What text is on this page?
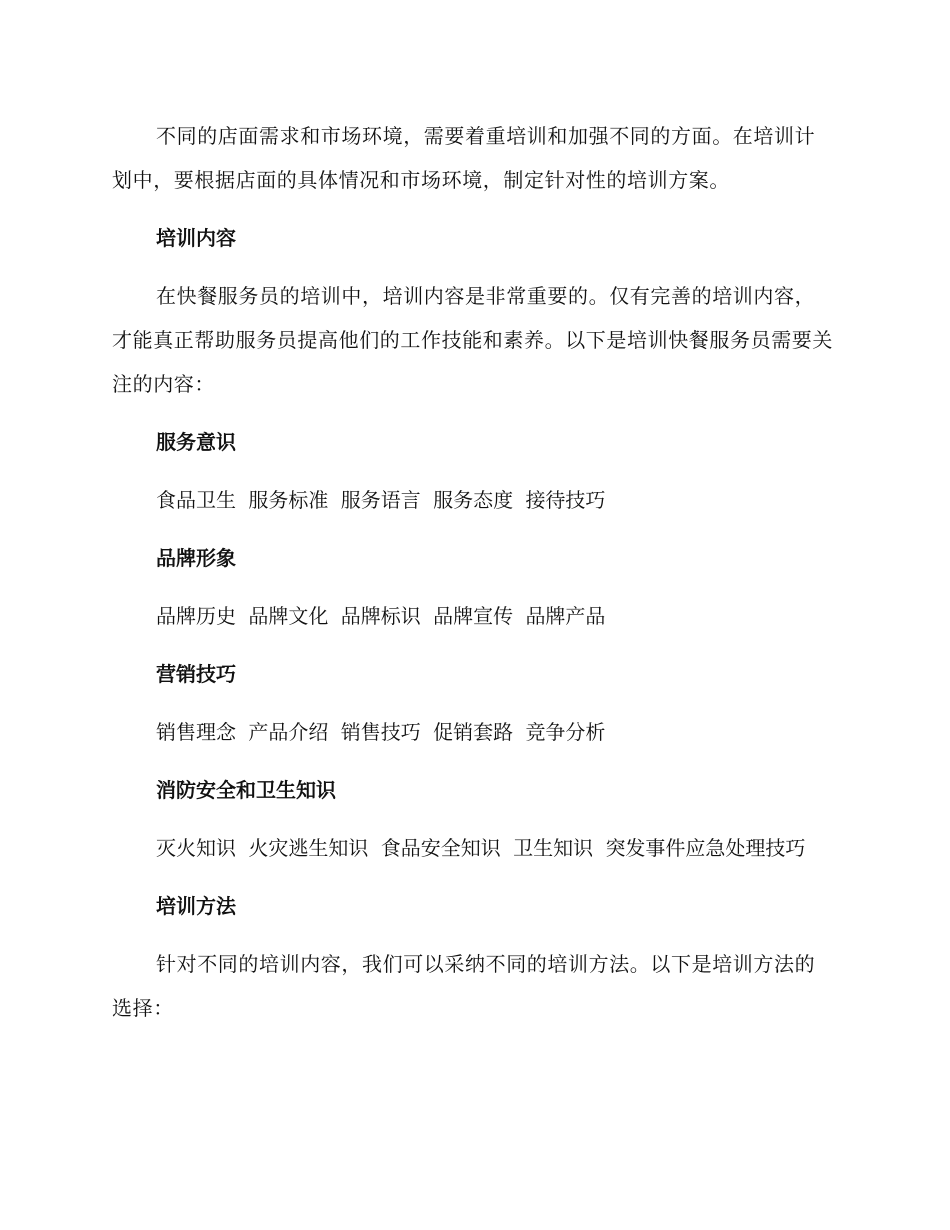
不同的店面需求和市场环境，需要着重培训和加强不同的方面。在培训计划中，要根据店面的具体情况和市场环境，制定针对性的培训方案。

培训内容

在快餐服务员的培训中，培训内容是非常重要的。仅有完善的培训内容，才能真正帮助服务员提高他们的工作技能和素养。以下是培训快餐服务员需要关注的内容：

服务意识

食品卫生 服务标准 服务语言 服务态度 接待技巧

品牌形象

品牌历史 品牌文化 品牌标识 品牌宣传 品牌产品

营销技巧

销售理念 产品介绍 销售技巧 促销套路 竞争分析

消防安全和卫生知识

灭火知识 火灾逃生知识 食品安全知识 卫生知识 突发事件应急处理技巧

培训方法

针对不同的培训内容，我们可以采纳不同的培训方法。以下是培训方法的选择：
